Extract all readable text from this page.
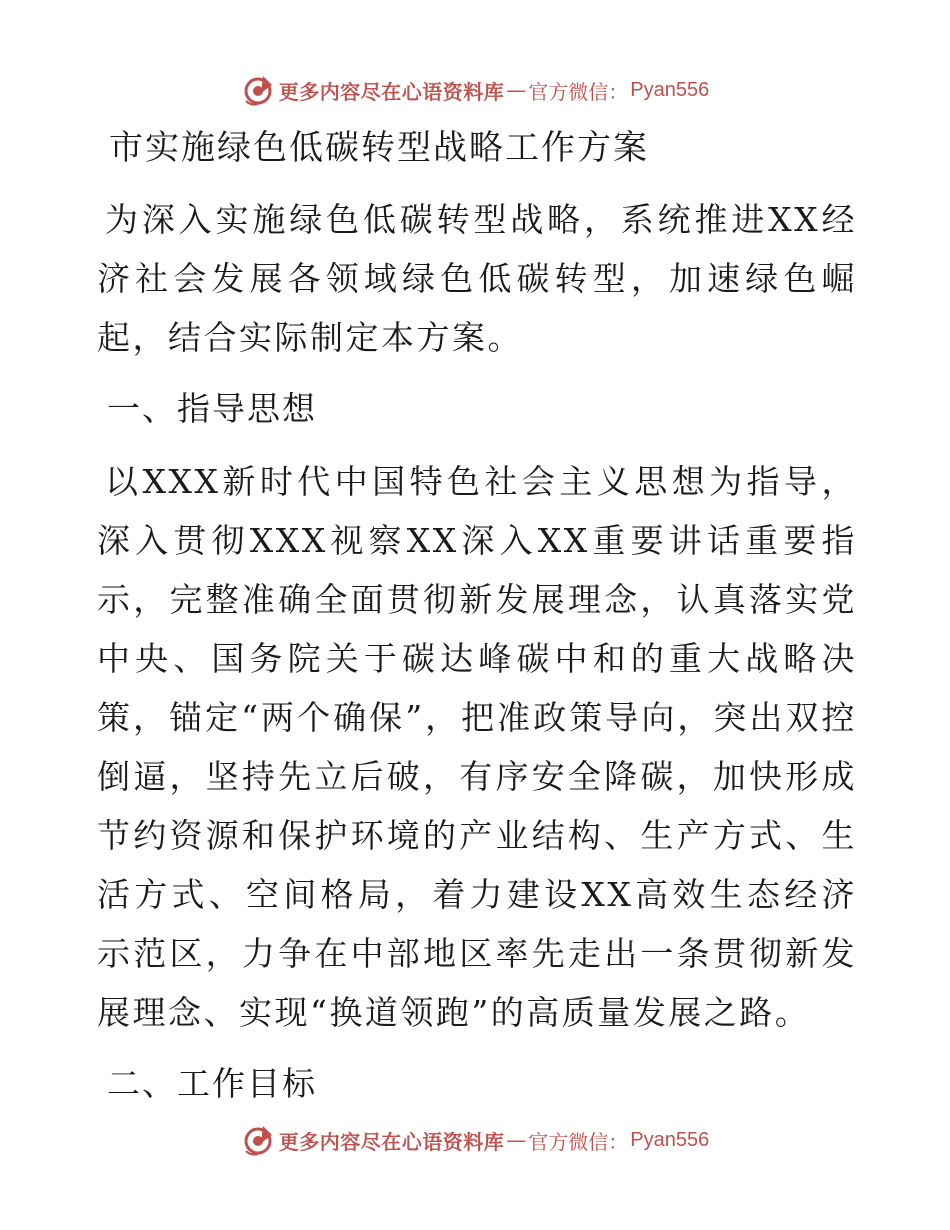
更多内容尽在心语资料库 — 官方微信： Pyan556
市实施绿色低碳转型战略工作方案

为深入实施绿色低碳转型战略，系统推进XX经济社会发展各领域绿色低碳转型，加速绿色崛起，结合实际制定本方案。

一、指导思想

以XXX新时代中国特色社会主义思想为指导，深入贯彻XXX视察XX深入XX重要讲话重要指示，完整准确全面贯彻新发展理念，认真落实党中央、国务院关于碳达峰碳中和的重大战略决策，锚定“两个确保”，把准政策导向，突出双控倒逼，坚持先立后破，有序安全降碳，加快形成节约资源和保护环境的产业结构、生产方式、生活方式、空间格局，着力建设XX高效生态经济示范区，力争在中部地区率先走出一条贯彻新发展理念、实现“换道领跑”的高质量发展之路。

二、工作目标
更多内容尽在心语资料库 — 官方微信： Pyan556
